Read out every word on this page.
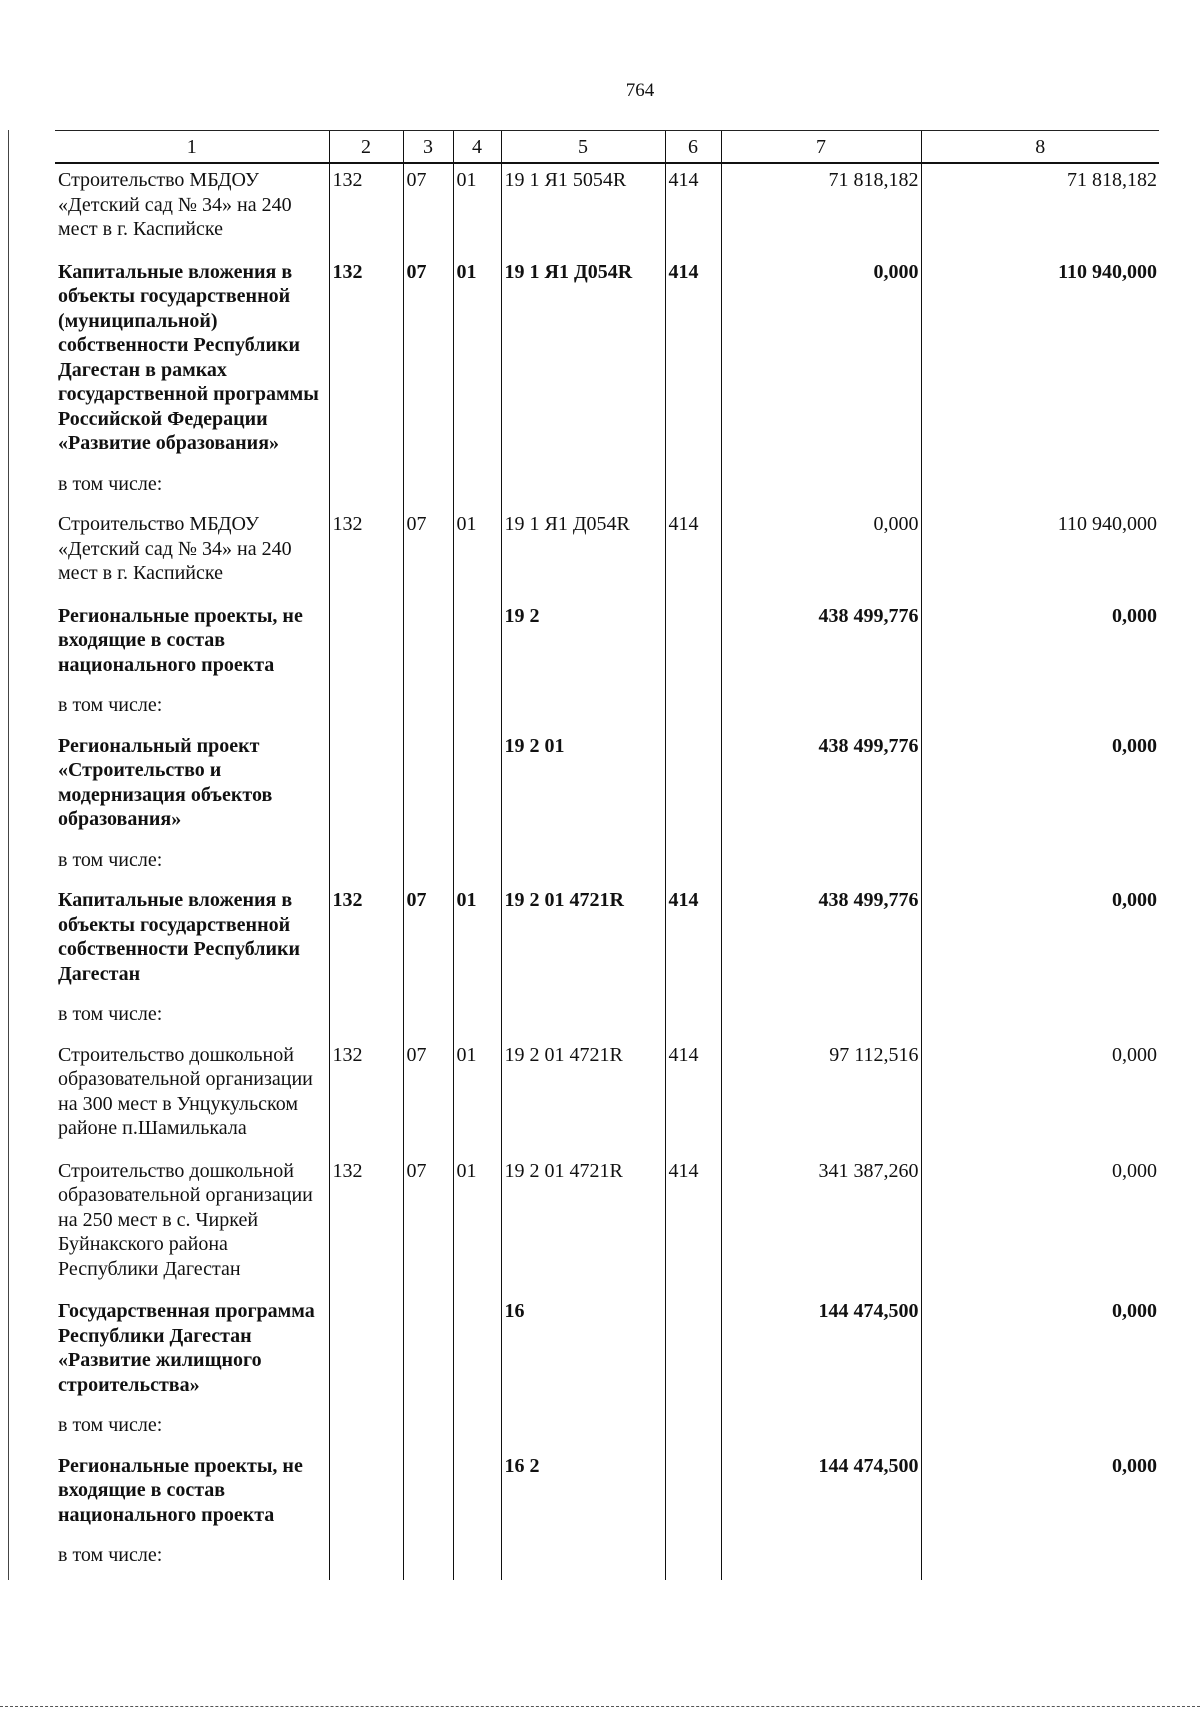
764
1	2	3	4	5	6	7	8
Строительство МБДОУ «Детский сад № 34» на 240 мест в г. Каспийске	132	07	01	19 1 Я1 5054R	414	71 818,182	71 818,182
Капитальные вложения в объекты государственной (муниципальной) собственности Республики Дагестан в рамках государственной программы Российской Федерации «Развитие образования»	132	07	01	19 1 Я1 Д054R	414	0,000	110 940,000
в том числе:							
Строительство МБДОУ «Детский сад № 34» на 240 мест в г. Каспийске	132	07	01	19 1 Я1 Д054R	414	0,000	110 940,000
Региональные проекты, не входящие в состав национального проекта				19 2		438 499,776	0,000
в том числе:							
Региональный проект «Строительство и модернизация объектов образования»				19 2 01		438 499,776	0,000
в том числе:							
Капитальные вложения в объекты государственной собственности Республики Дагестан	132	07	01	19 2 01 4721R	414	438 499,776	0,000
в том числе:							
Строительство дошкольной образовательной организации на 300 мест в Унцукульском районе п.Шамилькала	132	07	01	19 2 01 4721R	414	97 112,516	0,000
Строительство дошкольной образовательной организации на 250 мест в с. Чиркей Буйнакского района Республики Дагестан	132	07	01	19 2 01 4721R	414	341 387,260	0,000
Государственная программа Республики Дагестан «Развитие жилищного строительства»				16		144 474,500	0,000
в том числе:							
Региональные проекты, не входящие в состав национального проекта				16 2		144 474,500	0,000
в том числе:							
